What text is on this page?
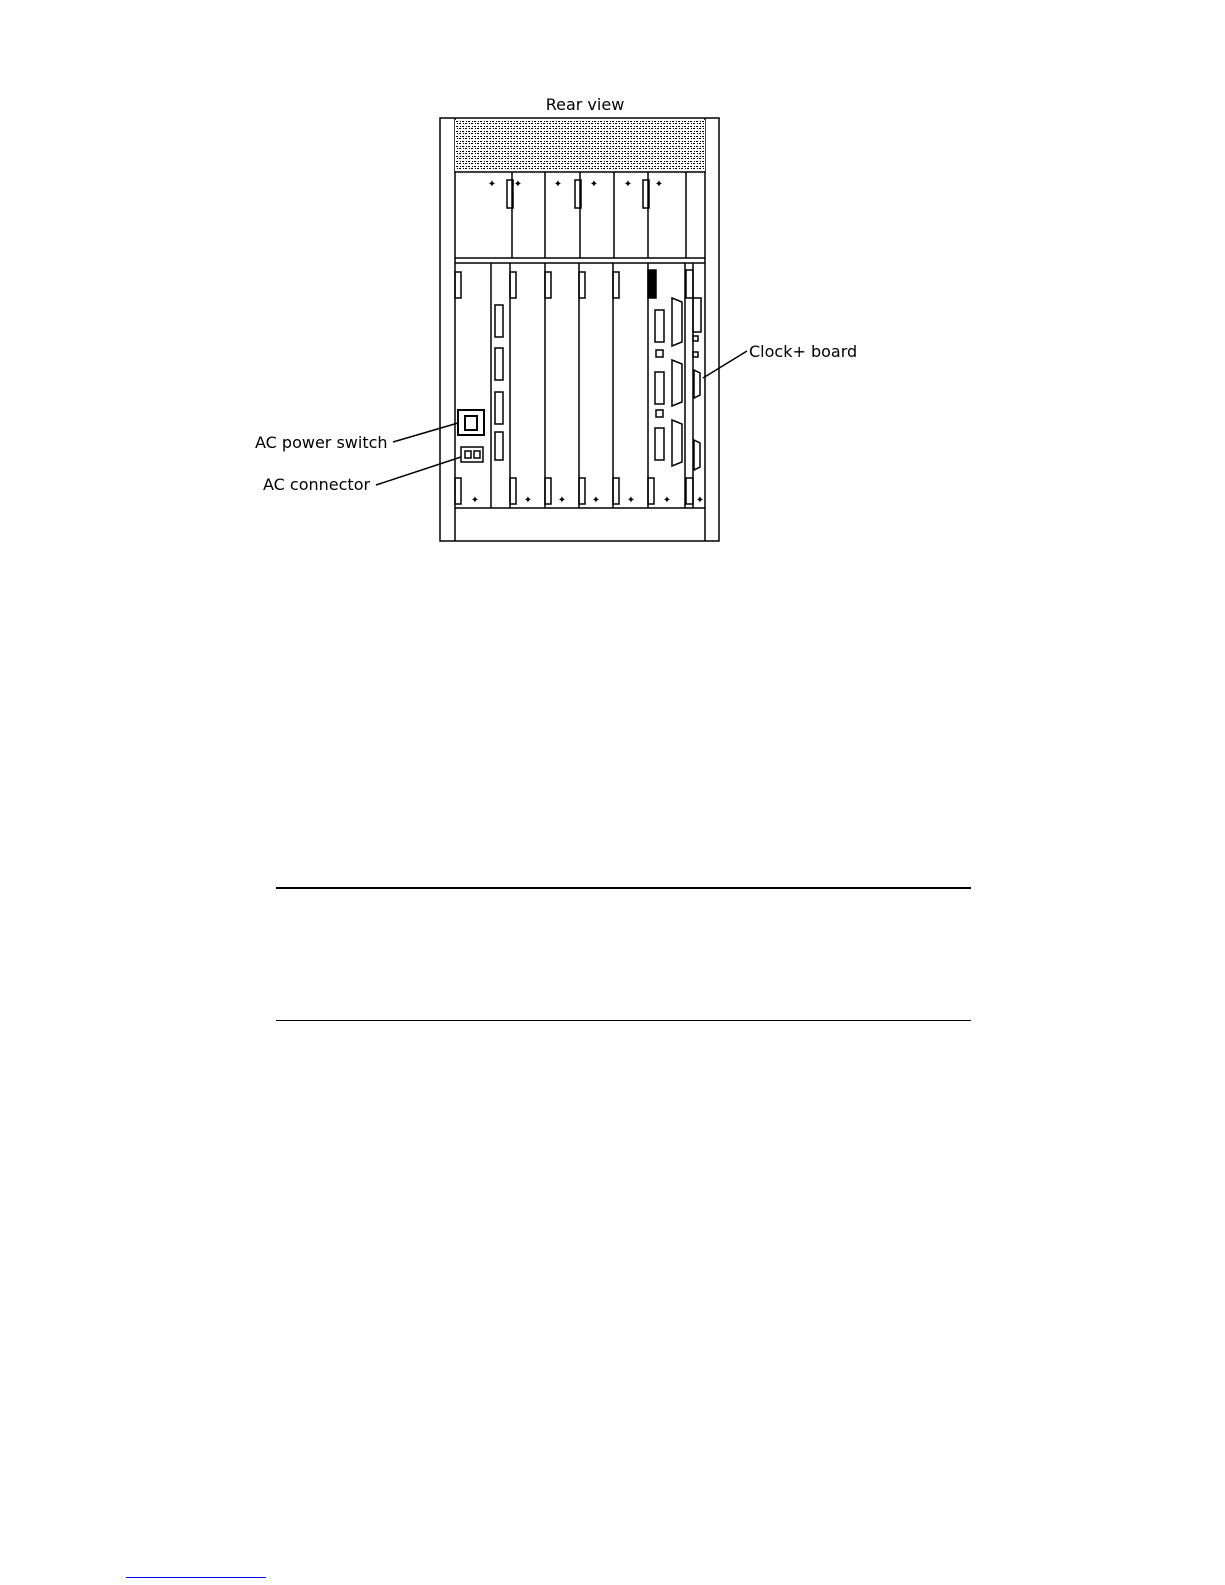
Rear view
✦ ✦	✦	✦	✦ ✦
✦	✦	✦	✦	✦	✦ ✦
Clock+ board
AC power switch
AC connector
